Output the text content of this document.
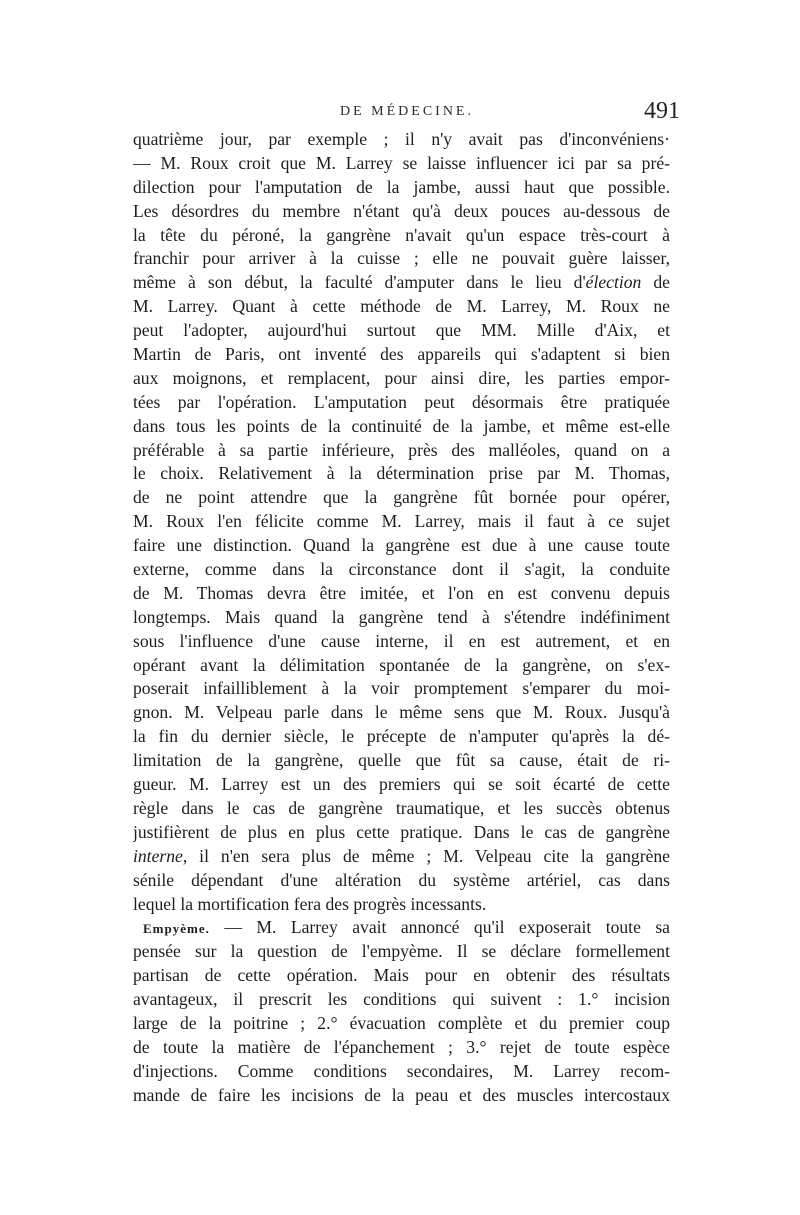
DE MÉDECINE.	491
quatrième jour, par exemple ; il n'y avait pas d'inconvéniens·
— M. Roux croit que M. Larrey se laisse influencer ici par sa pré-
dilection pour l'amputation de la jambe, aussi haut que possible.
Les désordres du membre n'étant qu'à deux pouces au-dessous de
la tête du péroné, la gangrène n'avait qu'un espace très-court à
franchir pour arriver à la cuisse ; elle ne pouvait guère laisser,
même à son début, la faculté d'amputer dans le lieu d'élection de
M. Larrey. Quant à cette méthode de M. Larrey, M. Roux ne
peut l'adopter, aujourd'hui surtout que MM. Mille d'Aix, et
Martin de Paris, ont inventé des appareils qui s'adaptent si bien
aux moignons, et remplacent, pour ainsi dire, les parties empor-
tées par l'opération. L'amputation peut désormais être pratiquée
dans tous les points de la continuité de la jambe, et même est-elle
préférable à sa partie inférieure, près des malléoles, quand on a
le choix. Relativement à la détermination prise par M. Thomas,
de ne point attendre que la gangrène fût bornée pour opérer,
M. Roux l'en félicite comme M. Larrey, mais il faut à ce sujet
faire une distinction. Quand la gangrène est due à une cause toute
externe, comme dans la circonstance dont il s'agit, la conduite
de M. Thomas devra être imitée, et l'on en est convenu depuis
longtemps. Mais quand la gangrène tend à s'étendre indéfiniment
sous l'influence d'une cause interne, il en est autrement, et en
opérant avant la délimitation spontanée de la gangrène, on s'ex-
poserait infailliblement à la voir promptement s'emparer du moi-
gnon. M. Velpeau parle dans le même sens que M. Roux. Jusqu'à
la fin du dernier siècle, le précepte de n'amputer qu'après la dé-
limitation de la gangrène, quelle que fût sa cause, était de ri-
gueur. M. Larrey est un des premiers qui se soit écarté de cette
règle dans le cas de gangrène traumatique, et les succès obtenus
justifièrent de plus en plus cette pratique. Dans le cas de gangrène
interne, il n'en sera plus de même ; M. Velpeau cite la gangrène
sénile dépendant d'une altération du système artériel, cas dans
lequel la mortification fera des progrès incessants.
Empyème. — M. Larrey avait annoncé qu'il exposerait toute sa
pensée sur la question de l'empyème. Il se déclare formellement
partisan de cette opération. Mais pour en obtenir des résultats
avantageux, il prescrit les conditions qui suivent : 1.° incision
large de la poitrine ; 2.° évacuation complète et du premier coup
de toute la matière de l'épanchement ; 3.° rejet de toute espèce
d'injections. Comme conditions secondaires, M. Larrey recom-
mande de faire les incisions de la peau et des muscles intercostaux
